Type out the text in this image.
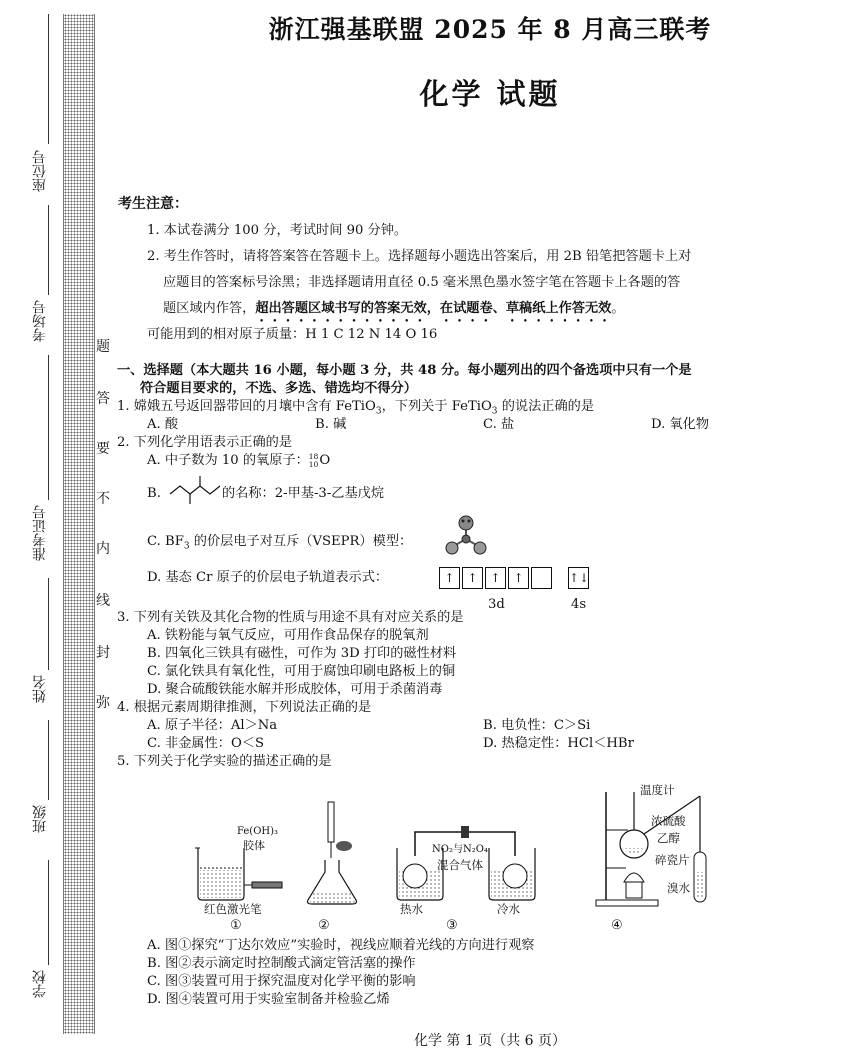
座位号
考场号
准考证号
姓名
班级
学校
题
答
要
不
内
线
封
弥
浙江强基联盟 2025 年 8 月高三联考
化学 试题
考生注意：
1. 本试卷满分 100 分，考试时间 90 分钟。
2. 考生作答时，请将答案答在答题卡上。选择题每小题选出答案后，用 2B 铅笔把答题卡上对
应题目的答案标号涂黑；非选择题请用直径 0.5 毫米黑色墨水签字笔在答题卡上各题的答
题区域内作答，超出答题区域书写的答案无效，在试题卷、草稿纸上作答无效。
可能用到的相对原子质量：H 1 C 12 N 14 O 16
一、选择题（本大题共 16 小题，每小题 3 分，共 48 分。每小题列出的四个备选项中只有一个是
符合题目要求的，不选、多选、错选均不得分）
1. 嫦娥五号返回器带回的月壤中含有 FeTiO$_3$，下列关于 FeTiO$_3$ 的说法正确的是
A. 酸	B. 碱	C. 盐	D. 氧化物
2. 下列化学用语表示正确的是
A. 中子数为 10 的氧原子： 18
10 O
B.	的名称：2-甲基-3-乙基戊烷
C. $BF_3$ 的价层电子对互斥（VSEPR）模型：
D. 基态 Cr 原子的价层电子轨道表示式：	↑	↑	↑	↑	↑↓
3d	4s
3. 下列有关铁及其化合物的性质与用途不具有对应关系的是
A. 铁粉能与氧气反应，可用作食品保存的脱氧剂
B. 四氧化三铁具有磁性，可作为 3D 打印的磁性材料
C. 氯化铁具有氧化性，可用于腐蚀印刷电路板上的铜
D. 聚合硫酸铁能水解并形成胶体，可用于杀菌消毒
4. 根据元素周期律推测，下列说法正确的是
A. 原子半径：Al＞Na	B. 电负性：C＞Si
C. 非金属性：O＜S	D. 热稳定性：HCl＜HBr
5. 下列关于化学实验的描述正确的是
Fe(OH)₃
胶体
红色激光笔
①	②
NO₂与N₂O₄
混合气体
热水	冷水
③
温度计
浓硫酸
乙醇
碎瓷片
溴水
④
A. 图①探究“丁达尔效应”实验时，视线应顺着光线的方向进行观察
B. 图②表示滴定时控制酸式滴定管活塞的操作
C. 图③装置可用于探究温度对化学平衡的影响
D. 图④装置可用于实验室制备并检验乙烯
化学 第 1 页（共 6 页）
